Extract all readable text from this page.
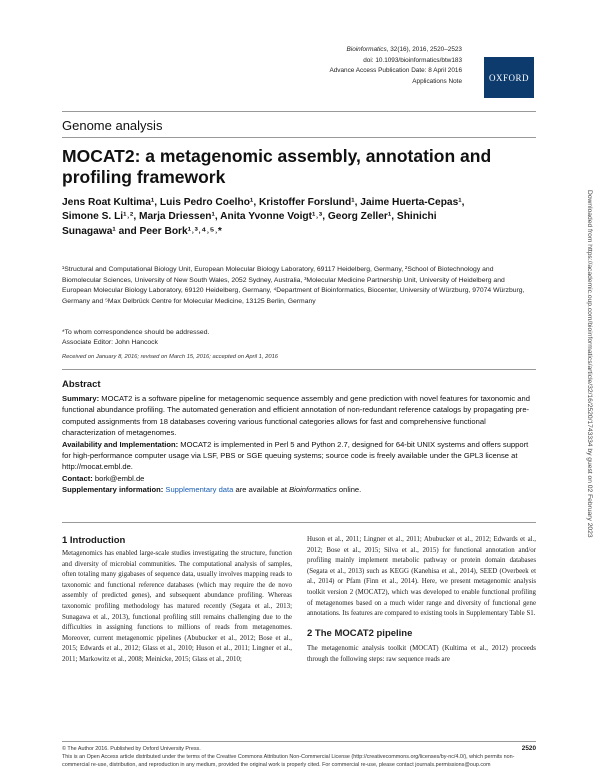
Bioinformatics, 32(16), 2016, 2520–2523
doi: 10.1093/bioinformatics/btw183
Advance Access Publication Date: 8 April 2016
Applications Note	OXFORD
Genome analysis
MOCAT2: a metagenomic assembly, annotation and profiling framework
Jens Roat Kultima¹, Luis Pedro Coelho¹, Kristoffer Forslund¹, Jaime Huerta-Cepas¹, Simone S. Li¹˒², Marja Driessen¹, Anita Yvonne Voigt¹˒³, Georg Zeller¹, Shinichi Sunagawa¹ and Peer Bork¹˒³˒⁴˒⁵˒*
¹Structural and Computational Biology Unit, European Molecular Biology Laboratory, 69117 Heidelberg, Germany, ²School of Biotechnology and Biomolecular Sciences, University of New South Wales, 2052 Sydney, Australia, ³Molecular Medicine Partnership Unit, University of Heidelberg and European Molecular Biology Laboratory, 69120 Heidelberg, Germany, ⁴Department of Bioinformatics, Biocenter, University of Würzburg, 97074 Würzburg, Germany and ⁵Max Delbrück Centre for Molecular Medicine, 13125 Berlin, Germany
*To whom correspondence should be addressed.
Associate Editor: John Hancock
Received on January 8, 2016; revised on March 15, 2016; accepted on April 1, 2016
Abstract
Summary: MOCAT2 is a software pipeline for metagenomic sequence assembly and gene prediction with novel features for taxonomic and functional abundance profiling. The automated generation and efficient annotation of non-redundant reference catalogs by propagating pre-computed assignments from 18 databases covering various functional categories allows for fast and comprehensive functional characterization of metagenomes.
Availability and Implementation: MOCAT2 is implemented in Perl 5 and Python 2.7, designed for 64-bit UNIX systems and offers support for high-performance computer usage via LSF, PBS or SGE queuing systems; source code is freely available under the GPL3 license at http://mocat.embl.de.
Contact: bork@embl.de
Supplementary information: Supplementary data are available at Bioinformatics online.
1 Introduction
Metagenomics has enabled large-scale studies investigating the structure, function and diversity of microbial communities. The computational analysis of samples, often totaling many gigabases of sequence data, usually involves mapping reads to taxonomic and functional reference databases (which may require the de novo assembly of predicted genes), and subsequent abundance profiling. Whereas taxonomic profiling methodology has matured recently (Segata et al., 2013; Sunagawa et al., 2013), functional profiling still remains challenging due to the difficulties in assigning functions to millions of reads from metagenomes. Moreover, current metagenomic pipelines (Abubucker et al., 2012; Bose et al., 2015; Edwards et al., 2012; Glass et al., 2010; Huson et al., 2011; Lingner et al., 2011; Markowitz et al., 2008; Meinicke, 2015; Glass et al., 2010;
Huson et al., 2011; Lingner et al., 2011; Abubucker et al., 2012; Edwards et al., 2012; Bose et al., 2015; Silva et al., 2015) for functional annotation and/or profiling mainly implement metabolic pathway or protein domain databases (Segata et al., 2013) such as KEGG (Kanehisa et al., 2014), SEED (Overbeek et al., 2014) or Pfam (Finn et al., 2014). Here, we present metagenomic analysis toolkit version 2 (MOCAT2), which was developed to enable functional profiling of metagenomes based on a much wider range and diversity of functional gene annotations. Its features are compared to existing tools in Supplementary Table S1.
2 The MOCAT2 pipeline
The metagenomic analysis toolkit (MOCAT) (Kultima et al., 2012) proceeds through the following steps: raw sequence reads are
© The Author 2016. Published by Oxford University Press.
This is an Open Access article distributed under the terms of the Creative Commons Attribution Non-Commercial License (http://creativecommons.org/licenses/by-nc/4.0/), which permits non-commercial re-use, distribution, and reproduction in any medium, provided the original work is properly cited. For commercial re-use, please contact journals.permissions@oup.com
2520
Downloaded from https://academic.oup.com/bioinformatics/article/32/16/2520/1743334 by guest on 02 February 2023
